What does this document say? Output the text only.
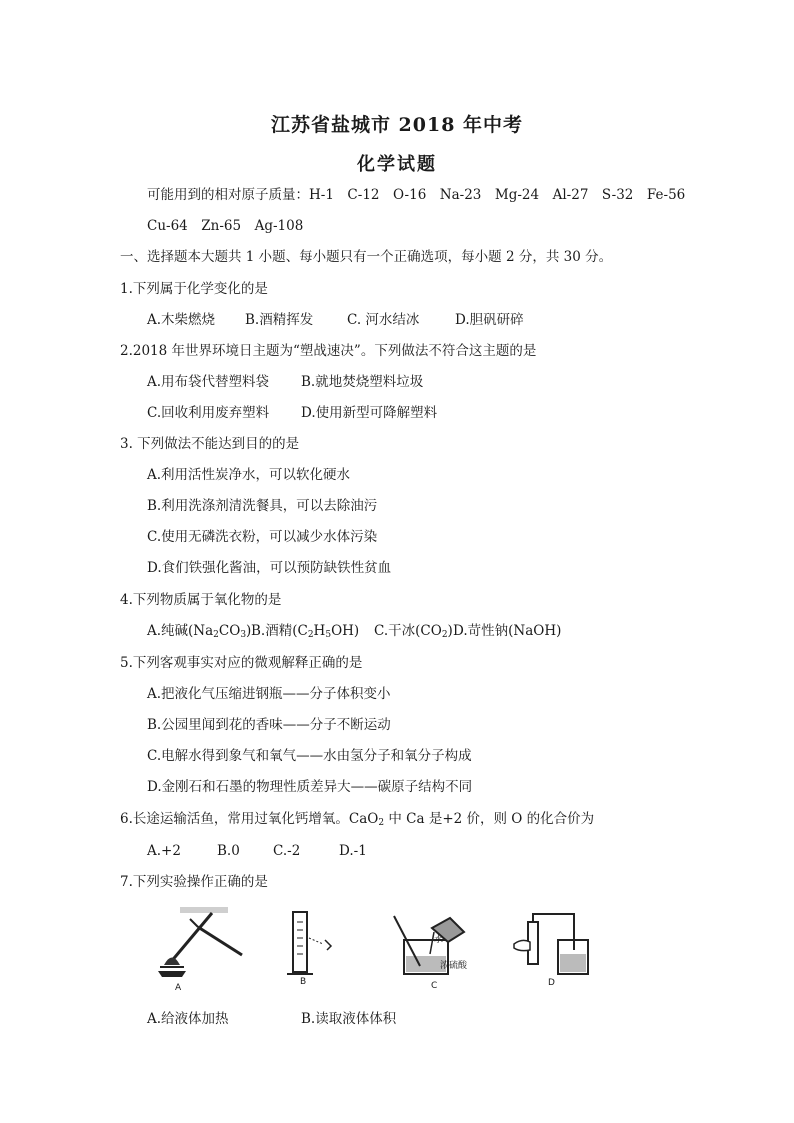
江苏省盐城市 2018 年中考
化学试题
可能用到的相对原子质量：H-1　C-12　O-16　Na-23　Mg-24　Al-27　S-32　Fe-56
Cu-64　Zn-65　Ag-108
一、选择题本大题共 1 小题、每小题只有一个正确选项，每小题 2 分，共 30 分。
1.下列属于化学变化的是
A.木柴燃烧 B.酒精挥发	C. 河水结冰	D.胆矾研碎
2.2018 年世界环境日主题为“塑战速决”。下列做法不符合这主题的是
A.用布袋代替塑料袋 B.就地焚烧塑料垃圾
C.回收利用废弃塑料 D.使用新型可降解塑料
3. 下列做法不能达到目的的是
A.利用活性炭净水，可以软化硬水
B.利用洗涤剂清洗餐具，可以去除油污
C.使用无磷洗衣粉，可以减少水体污染
D.食们铁强化酱油，可以预防缺铁性贫血
4.下列物质属于氧化物的是
A.纯碱$(Na_2CO_3)$ B.酒精$(C_2H_5OH)$ C.干冰$(CO_2)$ D.苛性钠(NaOH)
5.下列客观事实对应的微观解释正确的是
A.把液化气压缩进钢瓶——分子体积变小
B.公园里闻到花的香味——分子不断运动
C.电解水得到象气和氧气——水由氢分子和氧分子构成
D.金刚石和石墨的物理性质差异大——碳原子结构不同
6.长途运输活鱼，常用过氧化钙增氧。CaO$_2$ 中 Ca 是+2 价，则 O 的化合价为
A.+2	B.0 C.-2	D.-1
7.下列实验操作正确的是
A
B
水
浓硫酸
C	D
A.给液体加热	B.读取液体体积
